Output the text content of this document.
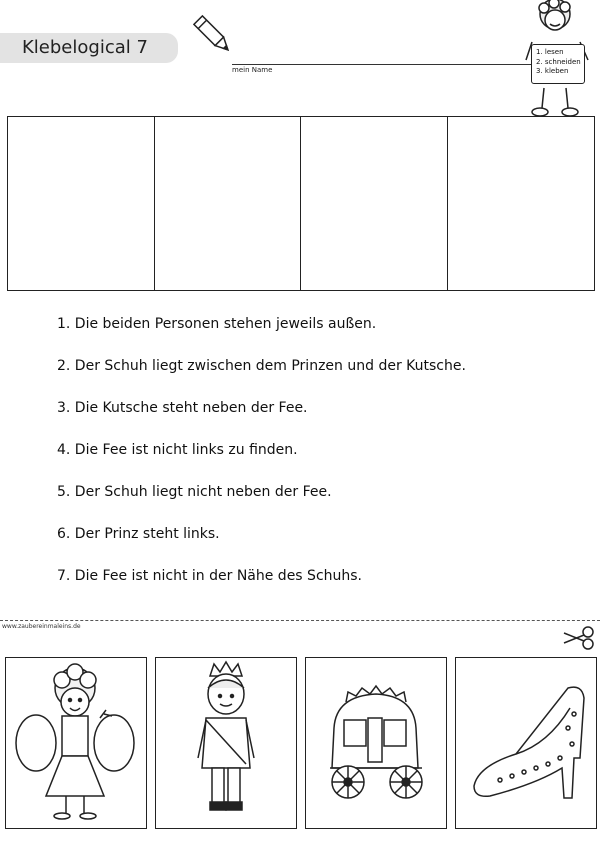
Klebelogical 7
mein Name
1. lesen
2. schneiden
3. kleben
1. Die beiden Personen stehen jeweils außen.
2. Der Schuh liegt zwischen dem Prinzen und der Kutsche.
3. Die Kutsche steht neben der Fee.
4. Die Fee ist nicht links zu finden.
5. Der Schuh liegt nicht neben der Fee.
6. Der Prinz steht links.
7. Die Fee ist nicht in der Nähe des Schuhs.
www.zaubereinmaleins.de
